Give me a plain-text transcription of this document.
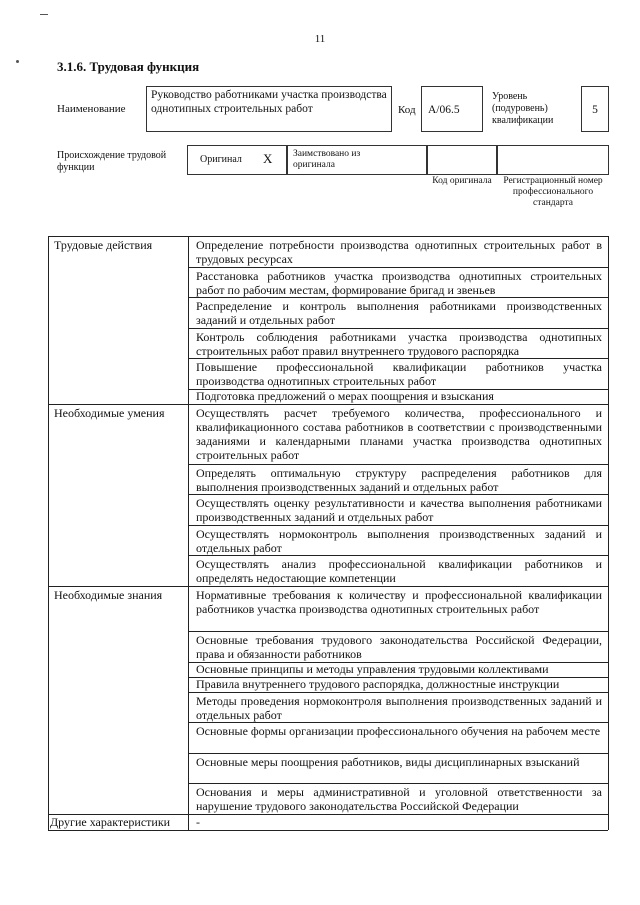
11
3.1.6. Трудовая функция
Наименование
Руководство работниками участка производства однотипных строительных работ	Код	A/06.5
Уровень (подуровень) квалификации
5
Происхождение трудовой функции
Оригинал X Заимствовано из оригинала
Код оригинала	Регистрационный номер профессионального стандарта
Трудовые действия	Определение потребности производства однотипных строительных работ в трудовых ресурсах
Расстановка работников участка производства однотипных строительных работ по рабочим местам, формирование бригад и звеньев
Распределение и контроль выполнения работниками производственных заданий и отдельных работ
Контроль соблюдения работниками участка производства однотипных строительных работ правил внутреннего трудового распорядка
Повышение профессиональной квалификации работников участка производства однотипных строительных работ
Подготовка предложений о мерах поощрения и взыскания
Необходимые умения	Осуществлять расчет требуемого количества, профессионального и квалификационного состава работников в соответствии с производственными заданиями и календарными планами участка производства однотипных строительных работ
Определять оптимальную структуру распределения работников для выполнения производственных заданий и отдельных работ
Осуществлять оценку результативности и качества выполнения работниками производственных заданий и отдельных работ
Осуществлять нормоконтроль выполнения производственных заданий и отдельных работ
Осуществлять анализ профессиональной квалификации работников и определять недостающие компетенции
Необходимые знания	Нормативные требования к количеству и профессиональной квалификации работников участка производства однотипных строительных работ
Основные требования трудового законодательства Российской Федерации, права и обязанности работников
Основные принципы и методы управления трудовыми коллективами
Правила внутреннего трудового распорядка, должностные инструкции
Методы проведения нормоконтроля выполнения производственных заданий и отдельных работ
Основные формы организации профессионального обучения на рабочем месте
Основные меры поощрения работников, виды дисциплинарных взысканий
Основания и меры административной и уголовной ответственности за нарушение трудового законодательства Российской Федерации
Другие характеристики -
